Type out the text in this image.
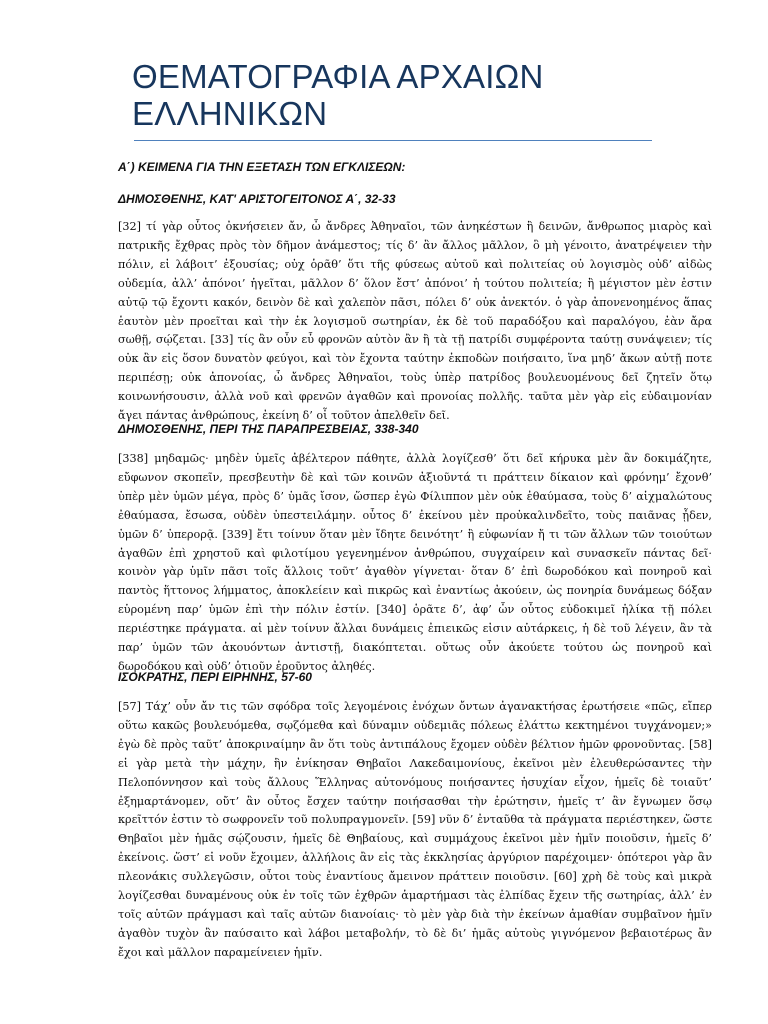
ΘΕΜΑΤΟΓΡΑΦΙΑ ΑΡΧΑΙΩΝ ΕΛΛΗΝΙΚΩΝ

Α΄) ΚΕΙΜΕΝΑ ΓΙΑ ΤΗΝ ΕΞΕΤΑΣΗ ΤΩΝ ΕΓΚΛΙΣΕΩΝ:

ΔΗΜΟΣΘΕΝΗΣ, ΚΑΤ' ΑΡΙΣΤΟΓΕΙΤΟΝΟΣ Α΄, 32-33

[32] τί γὰρ οὗτος ὀκνήσειεν ἄν, ὦ ἄνδρες Ἀθηναῖοι, τῶν ἀνηκέστων ἢ δεινῶν, ἄνθρωπος μιαρὸς καὶ πατρικῆς ἔχθρας πρὸς τὸν δῆμον ἀνάμεστος; τίς δ’ ἂν ἄλλος μᾶλλον, ὃ μὴ γένοιτο, ἀνατρέψειεν τὴν πόλιν, εἰ λάβοιτ’ ἐξουσίας; οὐχ ὁρᾶθ’ ὅτι τῆς φύσεως αὐτοῦ καὶ πολιτείας οὐ λογισμὸς οὐδ’ αἰδὼς οὐδεμία, ἀλλ’ ἀπόνοι’ ἡγεῖται, μᾶλλον δ’ ὅλον ἔστ’ ἀπόνοι’ ἡ τούτου πολιτεία; ἢ μέγιστον μὲν ἐστιν αὐτῷ τῷ ἔχοντι κακόν, δεινὸν δὲ καὶ χαλεπὸν πᾶσι, πόλει δ’ οὐκ ἀνεκτόν. ὁ γὰρ ἀπονενοημένος ἅπας ἑαυτὸν μὲν προεῖται καὶ τὴν ἐκ λογισμοῦ σωτηρίαν, ἐκ δὲ τοῦ παραδόξου καὶ παραλόγου, ἐὰν ἄρα σωθῇ, σῴζεται. [33] τίς ἂν οὖν εὖ φρονῶν αὑτὸν ἂν ἢ τὰ τῇ πατρίδι συμφέροντα ταύτῃ συνάψειεν; τίς οὐκ ἂν εἰς ὅσον δυνατὸν φεύγοι, καὶ τὸν ἔχοντα ταύτην ἐκποδὼν ποιήσαιτο, ἵνα μηδ’ ἄκων αὐτῇ ποτε περιπέσῃ; οὐκ ἀπονοίας, ὦ ἄνδρες Ἀθηναῖοι, τοὺς ὑπὲρ πατρίδος βουλευομένους δεῖ ζητεῖν ὅτῳ κοινωνήσουσιν, ἀλλὰ νοῦ καὶ φρενῶν ἀγαθῶν καὶ προνοίας πολλῆς. ταῦτα μὲν γὰρ εἰς εὐδαιμονίαν ἄγει πάντας ἀνθρώπους, ἐκείνη δ’ οἷ τοῦτον ἀπελθεῖν δεῖ.

ΔΗΜΟΣΘΕΝΗΣ, ΠΕΡΙ ΤΗΣ ΠΑΡΑΠΡΕΣΒΕΙΑΣ, 338-340

[338] μηδαμῶς· μηδὲν ὑμεῖς ἀβέλτερον πάθητε, ἀλλὰ λογίζεσθ’ ὅτι δεῖ κήρυκα μὲν ἂν δοκιμάζητε, εὔφωνον σκοπεῖν, πρεσβευτὴν δὲ καὶ τῶν κοινῶν ἀξιοῦντά τι πράττειν δίκαιον καὶ φρόνημ’ ἔχονθ’ ὑπὲρ μὲν ὑμῶν μέγα, πρὸς δ’ ὑμᾶς ἴσον, ὥσπερ ἐγὼ Φίλιππον μὲν οὐκ ἐθαύμασα, τοὺς δ’ αἰχμαλώτους ἐθαύμασα, ἔσωσα, οὐδὲν ὑπεστειλάμην. οὗτος δ’ ἐκείνου μὲν προὐκαλινδεῖτο, τοὺς παιᾶνας ᾖδεν, ὑμῶν δ’ ὑπερορᾷ. [339] ἔτι τοίνυν ὅταν μὲν ἴδητε δεινότητ’ ἢ εὐφωνίαν ἤ τι τῶν ἄλλων τῶν τοιούτων ἀγαθῶν ἐπὶ χρηστοῦ καὶ φιλοτίμου γεγενημένον ἀνθρώπου, συγχαίρειν καὶ συνασκεῖν πάντας δεῖ· κοινὸν γὰρ ὑμῖν πᾶσι τοῖς ἄλλοις τοῦτ’ ἀγαθὸν γίγνεται· ὅταν δ’ ἐπὶ δωροδόκου καὶ πονηροῦ καὶ παντὸς ἥττονος λήμματος, ἀποκλείειν καὶ πικρῶς καὶ ἐναντίως ἀκούειν, ὡς πονηρία δυνάμεως δόξαν εὑρομένη παρ’ ὑμῶν ἐπὶ τὴν πόλιν ἐστίν. [340] ὁρᾶτε δ’, ἀφ’ ὧν οὗτος εὐδοκιμεῖ ἡλίκα τῇ πόλει περιέστηκε πράγματα. αἱ μὲν τοίνυν ἄλλαι δυνάμεις ἐπιεικῶς εἰσιν αὐτάρκεις, ἡ δὲ τοῦ λέγειν, ἂν τὰ παρ’ ὑμῶν τῶν ἀκουόντων ἀντιστῇ, διακόπτεται. οὕτως οὖν ἀκούετε τούτου ὡς πονηροῦ καὶ δωροδόκου καὶ οὐδ’ ὁτιοῦν ἐροῦντος ἀληθές.

ΙΣΟΚΡΑΤΗΣ, ΠΕΡΙ ΕΙΡΗΝΗΣ, 57-60

[57] Τάχ’ οὖν ἄν τις τῶν σφόδρα τοῖς λεγομένοις ἐνόχων ὄντων ἀγανακτήσας ἐρωτήσειε «πῶς, εἴπερ οὕτω κακῶς βουλευόμεθα, σῳζόμεθα καὶ δύναμιν οὐδεμιᾶς πόλεως ἐλάττω κεκτημένοι τυγχάνομεν;» ἐγὼ δὲ πρὸς ταῦτ’ ἀποκριναίμην ἂν ὅτι τοὺς ἀντιπάλους ἔχομεν οὐδὲν βέλτιον ἡμῶν φρονοῦντας. [58] εἰ γὰρ μετὰ τὴν μάχην, ἣν ἐνίκησαν Θηβαῖοι Λακεδαιμονίους, ἐκεῖνοι μὲν ἐλευθερώσαντες τὴν Πελοπόννησον καὶ τοὺς ἄλλους Ἕλληνας αὐτονόμους ποιήσαντες ἡσυχίαν εἶχον, ἡμεῖς δὲ τοιαῦτ’ ἐξημαρτάνομεν, οὔτ’ ἂν οὗτος ἔσχεν ταύτην ποιήσασθαι τὴν ἐρώτησιν, ἡμεῖς τ’ ἂν ἔγνωμεν ὅσῳ κρεῖττόν ἐστιν τὸ σωφρονεῖν τοῦ πολυπραγμονεῖν. [59] νῦν δ’ ἐνταῦθα τὰ πράγματα περιέστηκεν, ὥστε Θηβαῖοι μὲν ἡμᾶς σῴζουσιν, ἡμεῖς δὲ Θηβαίους, καὶ συμμάχους ἐκεῖνοι μὲν ἡμῖν ποιοῦσιν, ἡμεῖς δ’ ἐκείνοις. ὥστ’ εἰ νοῦν ἔχοιμεν, ἀλλήλοις ἂν εἰς τὰς ἐκκλησίας ἀργύριον παρέχοιμεν· ὁπότεροι γὰρ ἂν πλεονάκις συλλεγῶσιν, οὗτοι τοὺς ἐναντίους ἄμεινον πράττειν ποιοῦσιν. [60] χρὴ δὲ τοὺς καὶ μικρὰ λογίζεσθαι δυναμένους οὐκ ἐν τοῖς τῶν ἐχθρῶν ἁμαρτήμασι τὰς ἐλπίδας ἔχειν τῆς σωτηρίας, ἀλλ’ ἐν τοῖς αὑτῶν πράγμασι καὶ ταῖς αὑτῶν διανοίαις· τὸ μὲν γὰρ διὰ τὴν ἐκείνων ἀμαθίαν συμβαῖνον ἡμῖν ἀγαθὸν τυχὸν ἂν παύσαιτο καὶ λάβοι μεταβολήν, τὸ δὲ δι’ ἡμᾶς αὐτοὺς γιγνόμενον βεβαιοτέρως ἂν ἔχοι καὶ μᾶλλον παραμείνειεν ἡμῖν.
